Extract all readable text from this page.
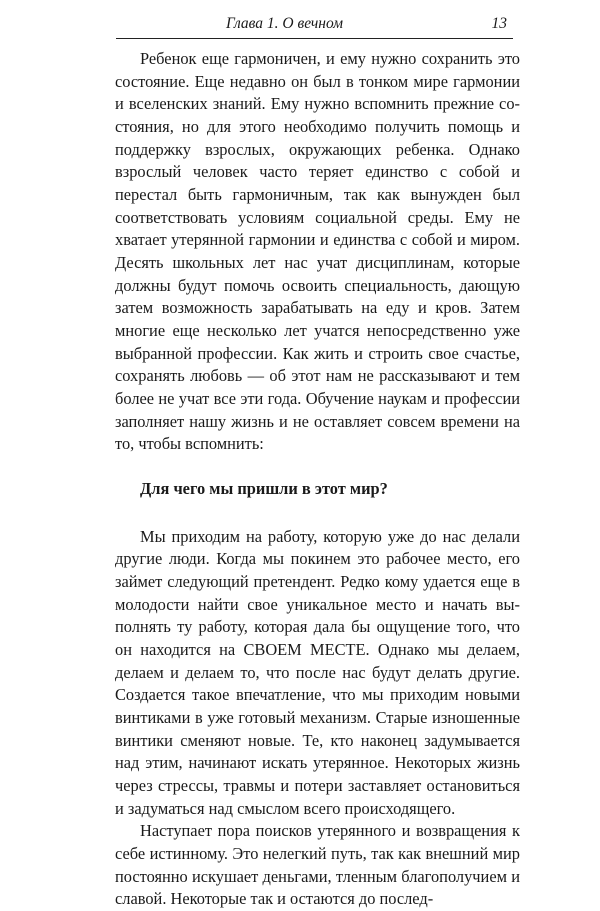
Глава 1. О вечном	13

Ребенок еще гармоничен, и ему нужно сохранить это состояние. Еще недавно он был в тонком мире гармонии и вселенских знаний. Ему нужно вспомнить прежние состояния, но для этого необходимо получить помощь и поддержку взрослых, окружающих ребенка. Однако взрослый человек часто теряет единство с собой и перестал быть гармоничным, так как вынужден был соответствовать условиям социальной среды. Ему не хватает утерянной гармонии и единства с собой и миром. Десять школьных лет нас учат дисциплинам, которые должны будут помочь освоить специальность, дающую затем возможность зарабатывать на еду и кров. Затем многие еще несколько лет учатся непосредственно уже выбранной профессии. Как жить и строить свое счастье, сохранять любовь — об этот нам не рассказывают и тем более не учат все эти года. Обучение наукам и профессии заполняет нашу жизнь и не оставляет совсем времени на то, чтобы вспомнить:

Для чего мы пришли в этот мир?

Мы приходим на работу, которую уже до нас делали другие люди. Когда мы покинем это рабочее место, его займет следующий претендент. Редко кому удается еще в молодости найти свое уникальное место и начать выполнять ту работу, которая дала бы ощущение того, что он находится на СВОЕМ МЕСТЕ. Однако мы делаем, делаем и делаем то, что после нас будут делать другие. Создается такое впечатление, что мы приходим новыми винтиками в уже готовый механизм. Старые изношенные винтики сменяют новые. Те, кто наконец задумывается над этим, начинают искать утерянное. Некоторых жизнь через стрессы, травмы и потери заставляет остановиться и задуматься над смыслом всего происходящего.

Наступает пора поисков утерянного и возвращения к себе истинному. Это нелегкий путь, так как внешний мир постоянно искушает деньгами, тленным благополучием и славой. Некоторые так и остаются до послед-
